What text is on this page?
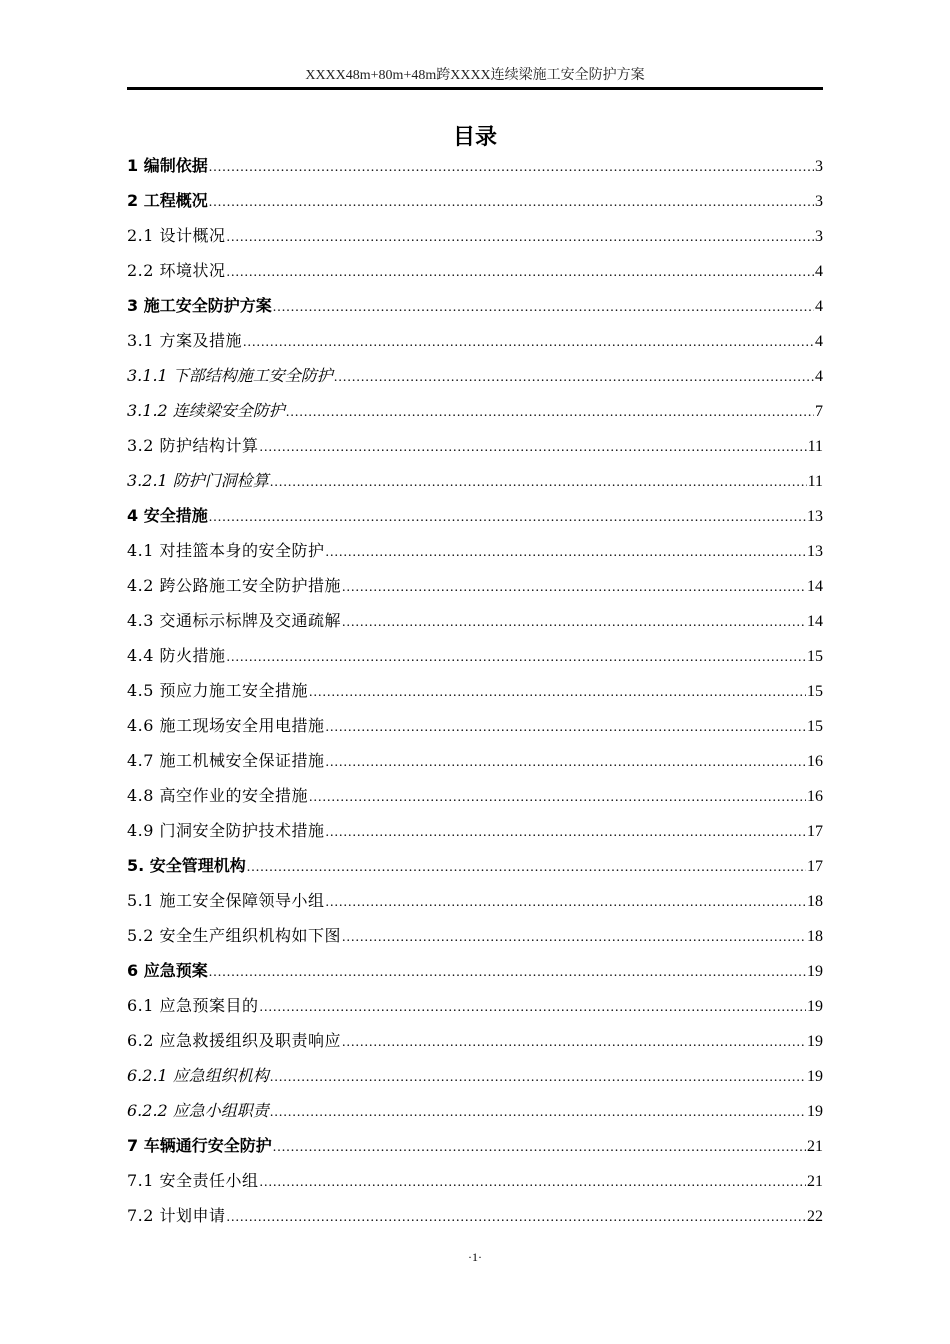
XXXX48m+80m+48m跨XXXX连续梁施工安全防护方案
目录
1 编制依据 .....	3
2 工程概况 .....	3
2.1 设计概况 .....	3
2.2 环境状况 .....	4
3 施工安全防护方案 .....	4
3.1 方案及措施 .....	4
3.1.1 下部结构施工安全防护 .....	4
3.1.2 连续梁安全防护 .....	7
3.2 防护结构计算 .....	11
3.2.1 防护门洞检算 .....	11
4 安全措施 .....	13
4.1 对挂篮本身的安全防护 .....	13
4.2 跨公路施工安全防护措施 .....	14
4.3 交通标示标牌及交通疏解 .....	14
4.4 防火措施 .....	15
4.5 预应力施工安全措施 .....	15
4.6 施工现场安全用电措施 .....	15
4.7 施工机械安全保证措施 .....	16
4.8 高空作业的安全措施 .....	16
4.9 门洞安全防护技术措施 .....	17
5. 安全管理机构 .....	17
5.1 施工安全保障领导小组 .....	18
5.2 安全生产组织机构如下图 .....	18
6 应急预案 .....	19
6.1 应急预案目的 .....	19
6.2 应急救援组织及职责响应 .....	19
6.2.1 应急组织机构 .....	19
6.2.2 应急小组职责 .....	19
7 车辆通行安全防护 .....	21
7.1 安全责任小组 .....	21
7.2 计划申请 .....	22
·1·
